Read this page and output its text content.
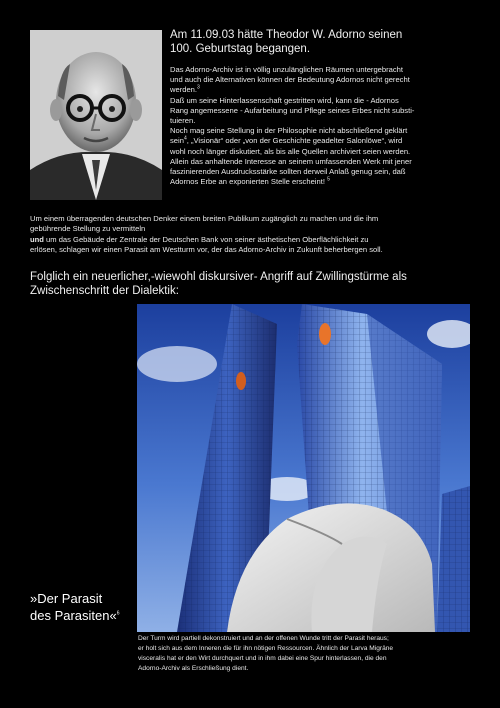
Am 11.09.03 hätte Theodor W. Adorno seinen
100. Geburtstag begangen.
Das Adorno-Archiv ist in völlig unzulänglichen Räumen untergebracht
und auch die Alternativen können der Bedeutung Adornos nicht gerecht
werden.$^3$
Daß um seine Hinterlassenschaft gestritten wird, kann die - Adornos
Rang angemessene - Aufarbeitung und Pflege seines Erbes nicht substi-
tuieren.
Noch mag seine Stellung in der Philosophie nicht abschließend geklärt
sein$^4$, „Visionär“ oder „von der Geschichte geadelter Salonlöwe“, wird
wohl noch länger diskutiert, als bis alle Quellen archiviert seien werden.
Allein das anhaltende Interesse an seinem umfassenden Werk mit jener
faszinierenden Ausdrucksstärke sollten derweil Anlaß genug sein, daß
Adornos Erbe an exponierten Stelle erscheint! $^5$
Um einem überragenden deutschen Denker einem breiten Publikum zugänglich zu machen und die ihm
gebührende Stellung zu vermitteln
und um das Gebäude der Zentrale der Deutschen Bank von seiner ästhetischen Oberflächlichkeit zu
erlösen, schlagen wir einen Parasit am Westturm vor, der das Adorno-Archiv in Zukunft beherbergen soll.
Folglich ein neuerlicher,-wiewohl diskursiver- Angriff auf Zwillingstürme als
Zwischenschritt der Dialektik:
»Der Parasit
des Parasiten«$^6$
Der Turm wird partiell dekonstruiert und an der offenen Wunde tritt der Parasit heraus;
er holt sich aus dem Inneren die für ihn nötigen Ressourcen. Ähnlich der Larva Migräne
visceralis hat er den Wirt durchquert und in ihm dabei eine Spur hinterlassen, die den
Adorno-Archiv als Erschließung dient.
